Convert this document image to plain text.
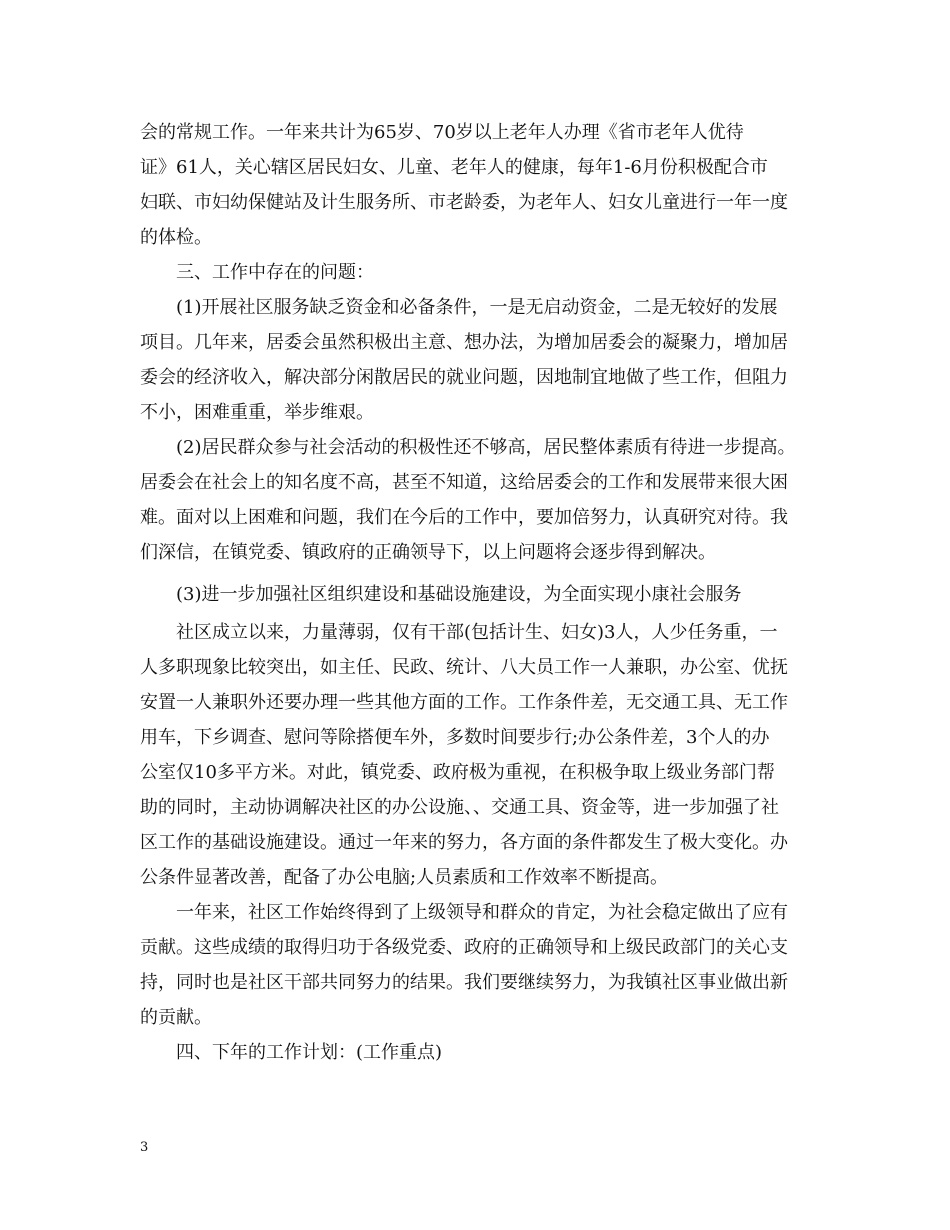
会的常规工作。一年来共计为65岁、70岁以上老年人办理《省市老年人优待
证》61人，关心辖区居民妇女、儿童、老年人的健康，每年1-6月份积极配合市
妇联、市妇幼保健站及计生服务所、市老龄委，为老年人、妇女儿童进行一年一度
的体检。
三、工作中存在的问题：
(1)开展社区服务缺乏资金和必备条件，一是无启动资金，二是无较好的发展
项目。几年来，居委会虽然积极出主意、想办法，为增加居委会的凝聚力，增加居
委会的经济收入，解决部分闲散居民的就业问题，因地制宜地做了些工作，但阻力
不小，困难重重，举步维艰。
(2)居民群众参与社会活动的积极性还不够高，居民整体素质有待进一步提高。
居委会在社会上的知名度不高，甚至不知道，这给居委会的工作和发展带来很大困
难。面对以上困难和问题，我们在今后的工作中，要加倍努力，认真研究对待。我
们深信，在镇党委、镇政府的正确领导下，以上问题将会逐步得到解决。
(3)进一步加强社区组织建设和基础设施建设，为全面实现小康社会服务
社区成立以来，力量薄弱，仅有干部(包括计生、妇女)3人，人少任务重，一
人多职现象比较突出，如主任、民政、统计、八大员工作一人兼职，办公室、优抚
安置一人兼职外还要办理一些其他方面的工作。工作条件差，无交通工具、无工作
用车，下乡调查、慰问等除搭便车外，多数时间要步行;办公条件差，3个人的办
公室仅10多平方米。对此，镇党委、政府极为重视，在积极争取上级业务部门帮
助的同时，主动协调解决社区的办公设施、、交通工具、资金等，进一步加强了社
区工作的基础设施建设。通过一年来的努力，各方面的条件都发生了极大变化。办
公条件显著改善，配备了办公电脑;人员素质和工作效率不断提高。
一年来，社区工作始终得到了上级领导和群众的肯定，为社会稳定做出了应有
贡献。这些成绩的取得归功于各级党委、政府的正确领导和上级民政部门的关心支
持，同时也是社区干部共同努力的结果。我们要继续努力，为我镇社区事业做出新
的贡献。
四、下年的工作计划：(工作重点)
3
